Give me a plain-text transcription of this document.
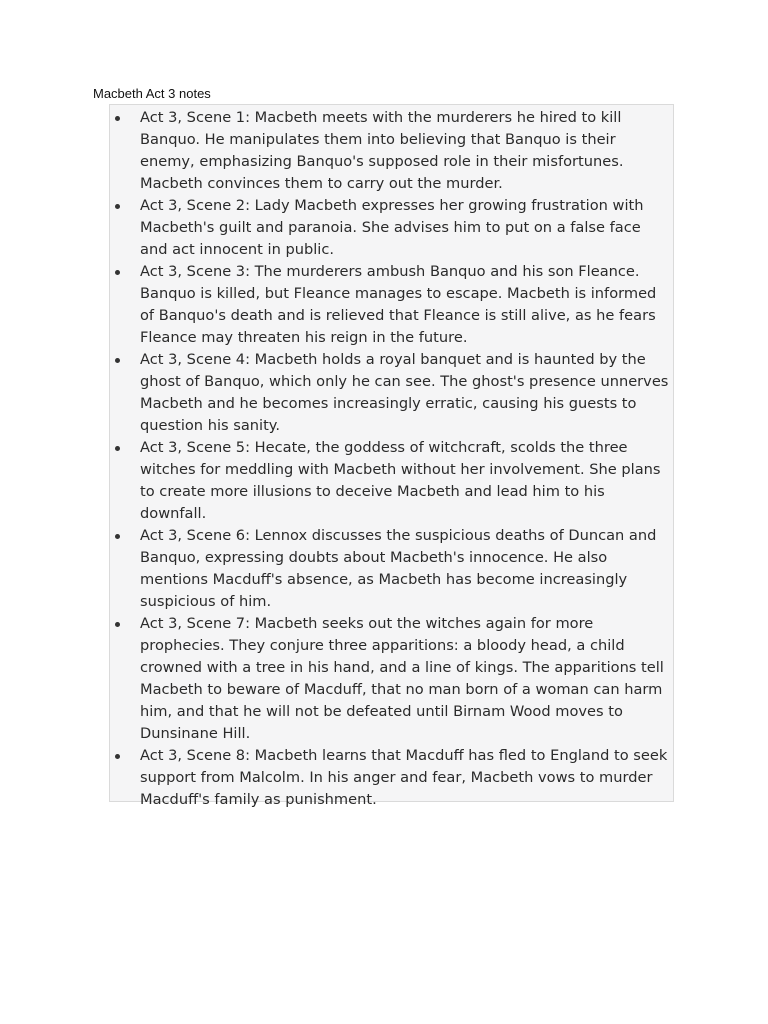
Macbeth Act 3 notes
Act 3, Scene 1: Macbeth meets with the murderers he hired to kill Banquo. He manipulates them into believing that Banquo is their enemy, emphasizing Banquo's supposed role in their misfortunes. Macbeth convinces them to carry out the murder.
Act 3, Scene 2: Lady Macbeth expresses her growing frustration with Macbeth's guilt and paranoia. She advises him to put on a false face and act innocent in public.
Act 3, Scene 3: The murderers ambush Banquo and his son Fleance. Banquo is killed, but Fleance manages to escape. Macbeth is informed of Banquo's death and is relieved that Fleance is still alive, as he fears Fleance may threaten his reign in the future.
Act 3, Scene 4: Macbeth holds a royal banquet and is haunted by the ghost of Banquo, which only he can see. The ghost's presence unnerves Macbeth and he becomes increasingly erratic, causing his guests to question his sanity.
Act 3, Scene 5: Hecate, the goddess of witchcraft, scolds the three witches for meddling with Macbeth without her involvement. She plans to create more illusions to deceive Macbeth and lead him to his downfall.
Act 3, Scene 6: Lennox discusses the suspicious deaths of Duncan and Banquo, expressing doubts about Macbeth's innocence. He also mentions Macduff's absence, as Macbeth has become increasingly suspicious of him.
Act 3, Scene 7: Macbeth seeks out the witches again for more prophecies. They conjure three apparitions: a bloody head, a child crowned with a tree in his hand, and a line of kings. The apparitions tell Macbeth to beware of Macduff, that no man born of a woman can harm him, and that he will not be defeated until Birnam Wood moves to Dunsinane Hill.
Act 3, Scene 8: Macbeth learns that Macduff has fled to England to seek support from Malcolm. In his anger and fear, Macbeth vows to murder Macduff's family as punishment.
